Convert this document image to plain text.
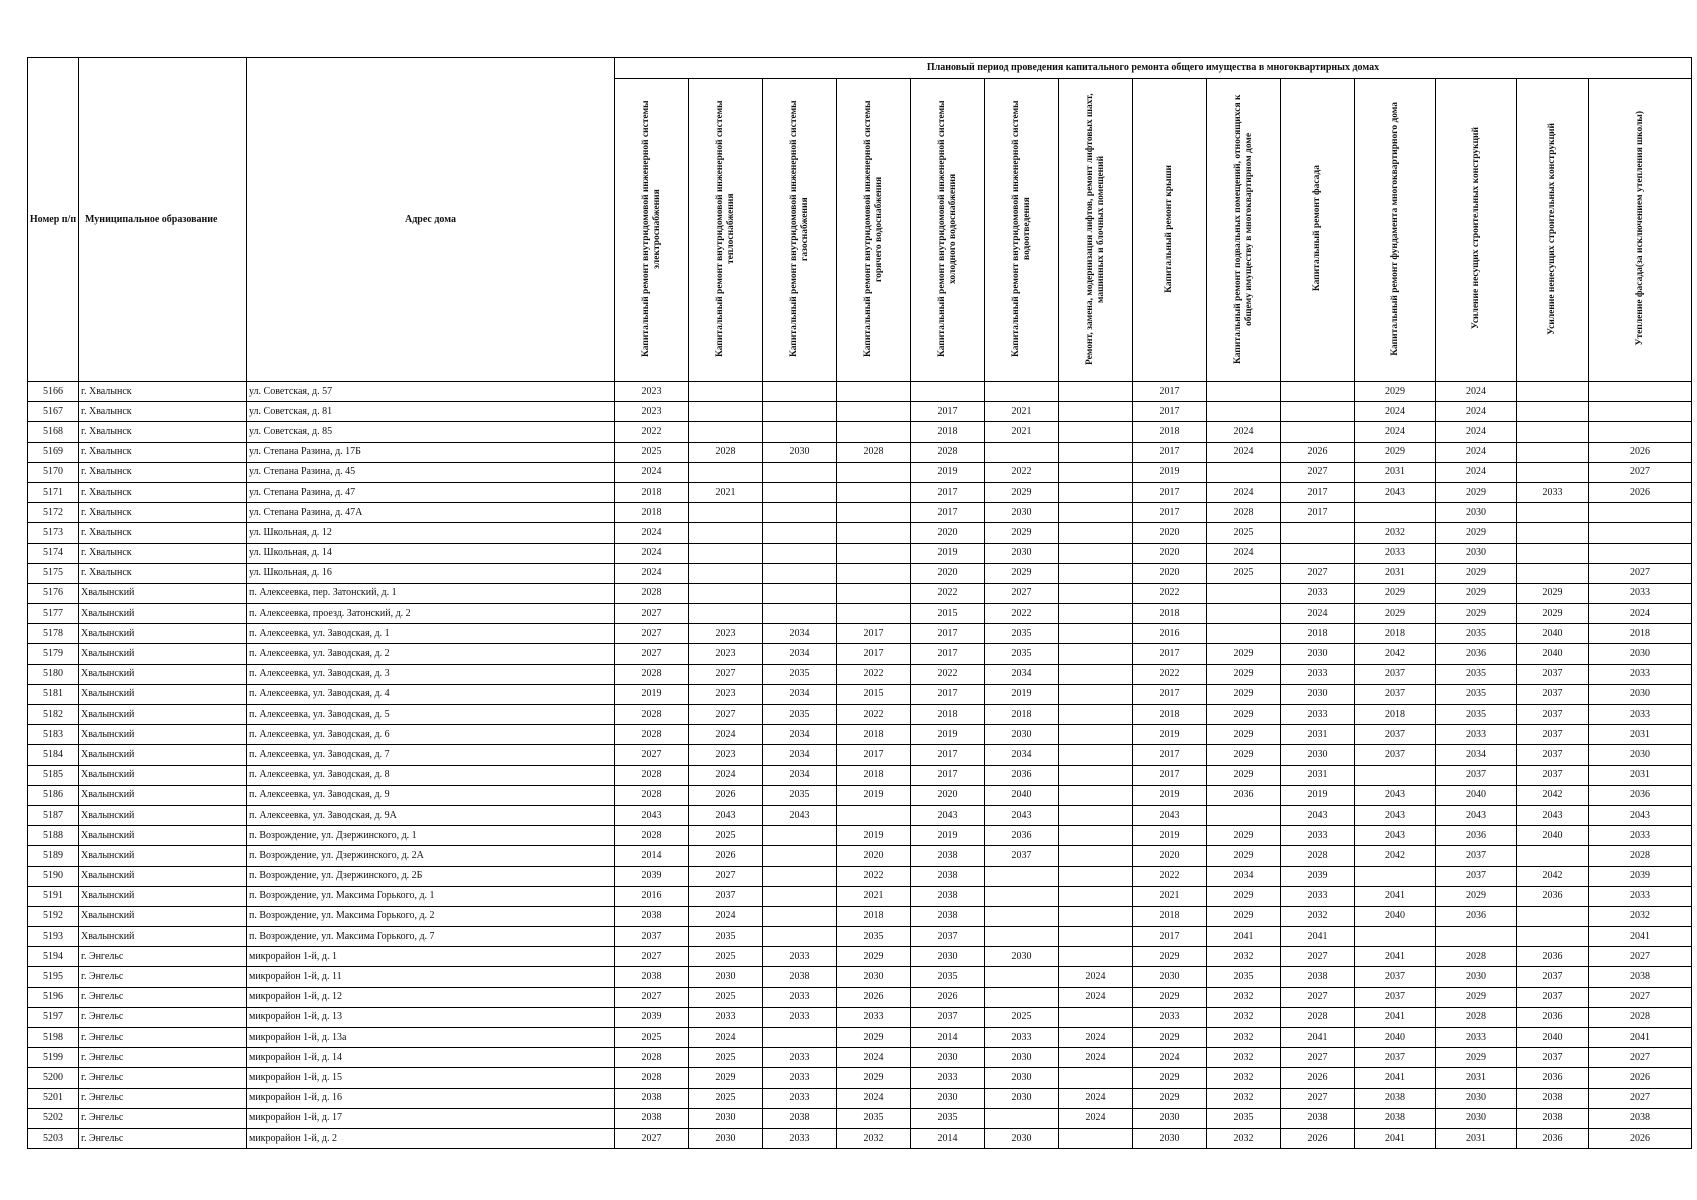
Номер п/п	Муниципальное образование	Адрес дома	Плановый период проведения капитального ремонта общего имущества в многоквартирных домах													
			Капитальный ремонт внутридомовой инженерной системы электроснабжения	Капитальный ремонт внутридомовой инженерной системы теплоснабжения	Капитальный ремонт внутридомовой инженерной системы газоснабжения	Капитальный ремонт внутридомовой инженерной системы горячего водоснабжения	Капитальный ремонт внутридомовой инженерной системы холодного водоснабжения	Капитальный ремонт внутридомовой инженерной системы водоотведения	Ремонт, замена, модернизация лифтов, ремонт лифтовых шахт, машинных и блочных помещений	Капитальный ремонт крыши	Капитальный ремонт подвальных помещений, относящихся к общему имуществу в многоквартирном доме	Капитальный ремонт фасада	Капитальный ремонт фундамента многоквартирного дома	Усиление несущих строительных конструкций	Усиление ненесущих строительных конструкций	Утепление фасада(за исключением утепления школы)
5166	г. Хвалынск	ул. Советская, д. 57	2023							2017			2029	2024		
5167	г. Хвалынск	ул. Советская, д. 81	2023				2017	2021		2017			2024	2024		
5168	г. Хвалынск	ул. Советская, д. 85	2022				2018	2021		2018	2024		2024	2024		
5169	г. Хвалынск	ул. Степана Разина, д. 17Б	2025	2028	2030	2028	2028			2017	2024	2026	2029	2024		2026
5170	г. Хвалынск	ул. Степана Разина, д. 45	2024				2019	2022		2019		2027	2031	2024		2027
5171	г. Хвалынск	ул. Степана Разина, д. 47	2018	2021			2017	2029		2017	2024	2017	2043	2029	2033	2026
5172	г. Хвалынск	ул. Степана Разина, д. 47А	2018				2017	2030		2017	2028	2017		2030		
5173	г. Хвалынск	ул. Школьная, д. 12	2024				2020	2029		2020	2025		2032	2029		
5174	г. Хвалынск	ул. Школьная, д. 14	2024				2019	2030		2020	2024		2033	2030		
5175	г. Хвалынск	ул. Школьная, д. 16	2024				2020	2029		2020	2025	2027	2031	2029		2027
5176	Хвалынский	п. Алексеевка, пер. Затонский, д. 1	2028				2022	2027		2022		2033	2029	2029	2029	2033
5177	Хвалынский	п. Алексеевка, проезд. Затонский, д. 2	2027				2015	2022		2018		2024	2029	2029	2029	2024
5178	Хвалынский	п. Алексеевка, ул. Заводская, д. 1	2027	2023	2034	2017	2017	2035		2016		2018	2018	2035	2040	2018
5179	Хвалынский	п. Алексеевка, ул. Заводская, д. 2	2027	2023	2034	2017	2017	2035		2017	2029	2030	2042	2036	2040	2030
5180	Хвалынский	п. Алексеевка, ул. Заводская, д. 3	2028	2027	2035	2022	2022	2034		2022	2029	2033	2037	2035	2037	2033
5181	Хвалынский	п. Алексеевка, ул. Заводская, д. 4	2019	2023	2034	2015	2017	2019		2017	2029	2030	2037	2035	2037	2030
5182	Хвалынский	п. Алексеевка, ул. Заводская, д. 5	2028	2027	2035	2022	2018	2018		2018	2029	2033	2018	2035	2037	2033
5183	Хвалынский	п. Алексеевка, ул. Заводская, д. 6	2028	2024	2034	2018	2019	2030		2019	2029	2031	2037	2033	2037	2031
5184	Хвалынский	п. Алексеевка, ул. Заводская, д. 7	2027	2023	2034	2017	2017	2034		2017	2029	2030	2037	2034	2037	2030
5185	Хвалынский	п. Алексеевка, ул. Заводская, д. 8	2028	2024	2034	2018	2017	2036		2017	2029	2031		2037	2037	2031
5186	Хвалынский	п. Алексеевка, ул. Заводская, д. 9	2028	2026	2035	2019	2020	2040		2019	2036	2019	2043	2040	2042	2036
5187	Хвалынский	п. Алексеевка, ул. Заводская, д. 9А	2043	2043	2043		2043	2043		2043		2043	2043	2043	2043	2043
5188	Хвалынский	п. Возрождение, ул. Дзержинского, д. 1	2028	2025		2019	2019	2036		2019	2029	2033	2043	2036	2040	2033
5189	Хвалынский	п. Возрождение, ул. Дзержинского, д. 2А	2014	2026		2020	2038	2037		2020	2029	2028	2042	2037		2028
5190	Хвалынский	п. Возрождение, ул. Дзержинского, д. 2Б	2039	2027		2022	2038			2022	2034	2039		2037	2042	2039
5191	Хвалынский	п. Возрождение, ул. Максима Горького, д. 1	2016	2037		2021	2038			2021	2029	2033	2041	2029	2036	2033
5192	Хвалынский	п. Возрождение, ул. Максима Горького, д. 2	2038	2024		2018	2038			2018	2029	2032	2040	2036		2032
5193	Хвалынский	п. Возрождение, ул. Максима Горького, д. 7	2037	2035		2035	2037			2017	2041	2041				2041
5194	г. Энгельс	микрорайон 1-й, д. 1	2027	2025	2033	2029	2030	2030		2029	2032	2027	2041	2028	2036	2027
5195	г. Энгельс	микрорайон 1-й, д. 11	2038	2030	2038	2030	2035		2024	2030	2035	2038	2037	2030	2037	2038
5196	г. Энгельс	микрорайон 1-й, д. 12	2027	2025	2033	2026	2026		2024	2029	2032	2027	2037	2029	2037	2027
5197	г. Энгельс	микрорайон 1-й, д. 13	2039	2033	2033	2033	2037	2025		2033	2032	2028	2041	2028	2036	2028
5198	г. Энгельс	микрорайон 1-й, д. 13а	2025	2024		2029	2014	2033	2024	2029	2032	2041	2040	2033	2040	2041
5199	г. Энгельс	микрорайон 1-й, д. 14	2028	2025	2033	2024	2030	2030	2024	2024	2032	2027	2037	2029	2037	2027
5200	г. Энгельс	микрорайон 1-й, д. 15	2028	2029	2033	2029	2033	2030		2029	2032	2026	2041	2031	2036	2026
5201	г. Энгельс	микрорайон 1-й, д. 16	2038	2025	2033	2024	2030	2030	2024	2029	2032	2027	2038	2030	2038	2027
5202	г. Энгельс	микрорайон 1-й, д. 17	2038	2030	2038	2035	2035		2024	2030	2035	2038	2038	2030	2038	2038
5203	г. Энгельс	микрорайон 1-й, д. 2	2027	2030	2033	2032	2014	2030		2030	2032	2026	2041	2031	2036	2026
